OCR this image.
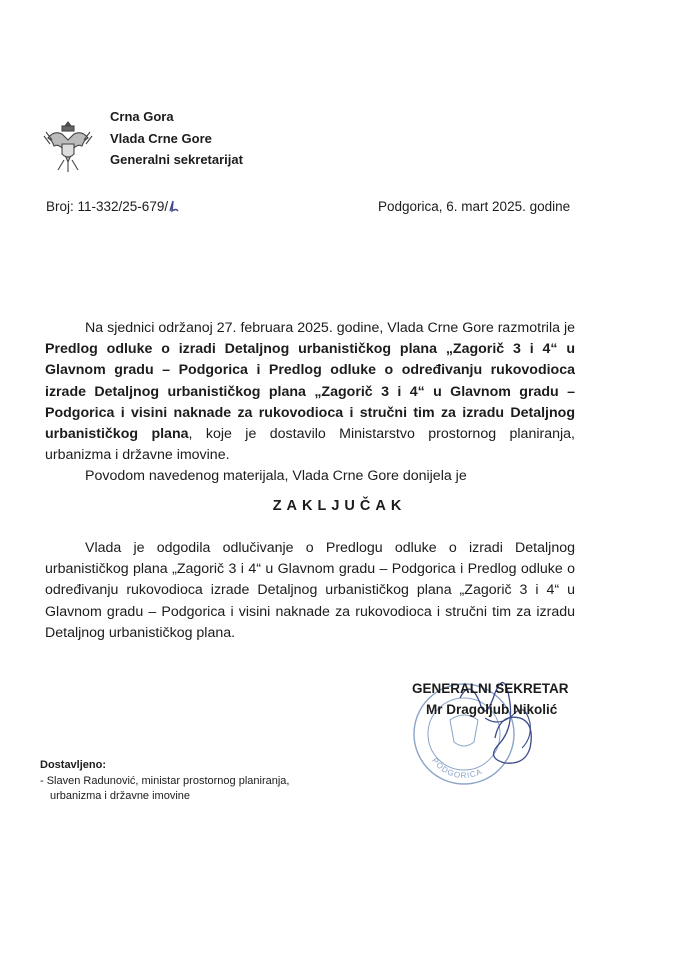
Crna Gora
Vlada Crne Gore
Generalni sekretarijat
Broj: 11-332/25-679/	Podgorica, 6. mart 2025. godine

Na sjednici održanoj 27. februara 2025. godine, Vlada Crne Gore razmotrila je Predlog odluke o izradi Detaljnog urbanističkog plana „Zagorič 3 i 4“ u Glavnom gradu – Podgorica i Predlog odluke o određivanju rukovodioca izrade Detaljnog urbanističkog plana „Zagorič 3 i 4“ u Glavnom gradu – Podgorica i visini naknade za rukovodioca i stručni tim za izradu Detaljnog urbanističkog plana, koje je dostavilo Ministarstvo prostornog planiranja, urbanizma i državne imovine.

Povodom navedenog materijala, Vlada Crne Gore donijela je

ZAKLJUČAK

Vlada je odgodila odlučivanje o Predlogu odluke o izradi Detaljnog urbanističkog plana „Zagorič 3 i 4“ u Glavnom gradu – Podgorica i Predlog odluke o određivanju rukovodioca izrade Detaljnog urbanističkog plana „Zagorič 3 i 4“ u Glavnom gradu – Podgorica i visini naknade za rukovodioca i stručni tim za izradu Detaljnog urbanističkog plana.

PODGORICA
GENERALNI SEKRETAR
Mr Dragoljub Nikolić
Dostavljeno:
- Slaven Radunović, ministar prostornog planiranja,
urbanizma i državne imovine
